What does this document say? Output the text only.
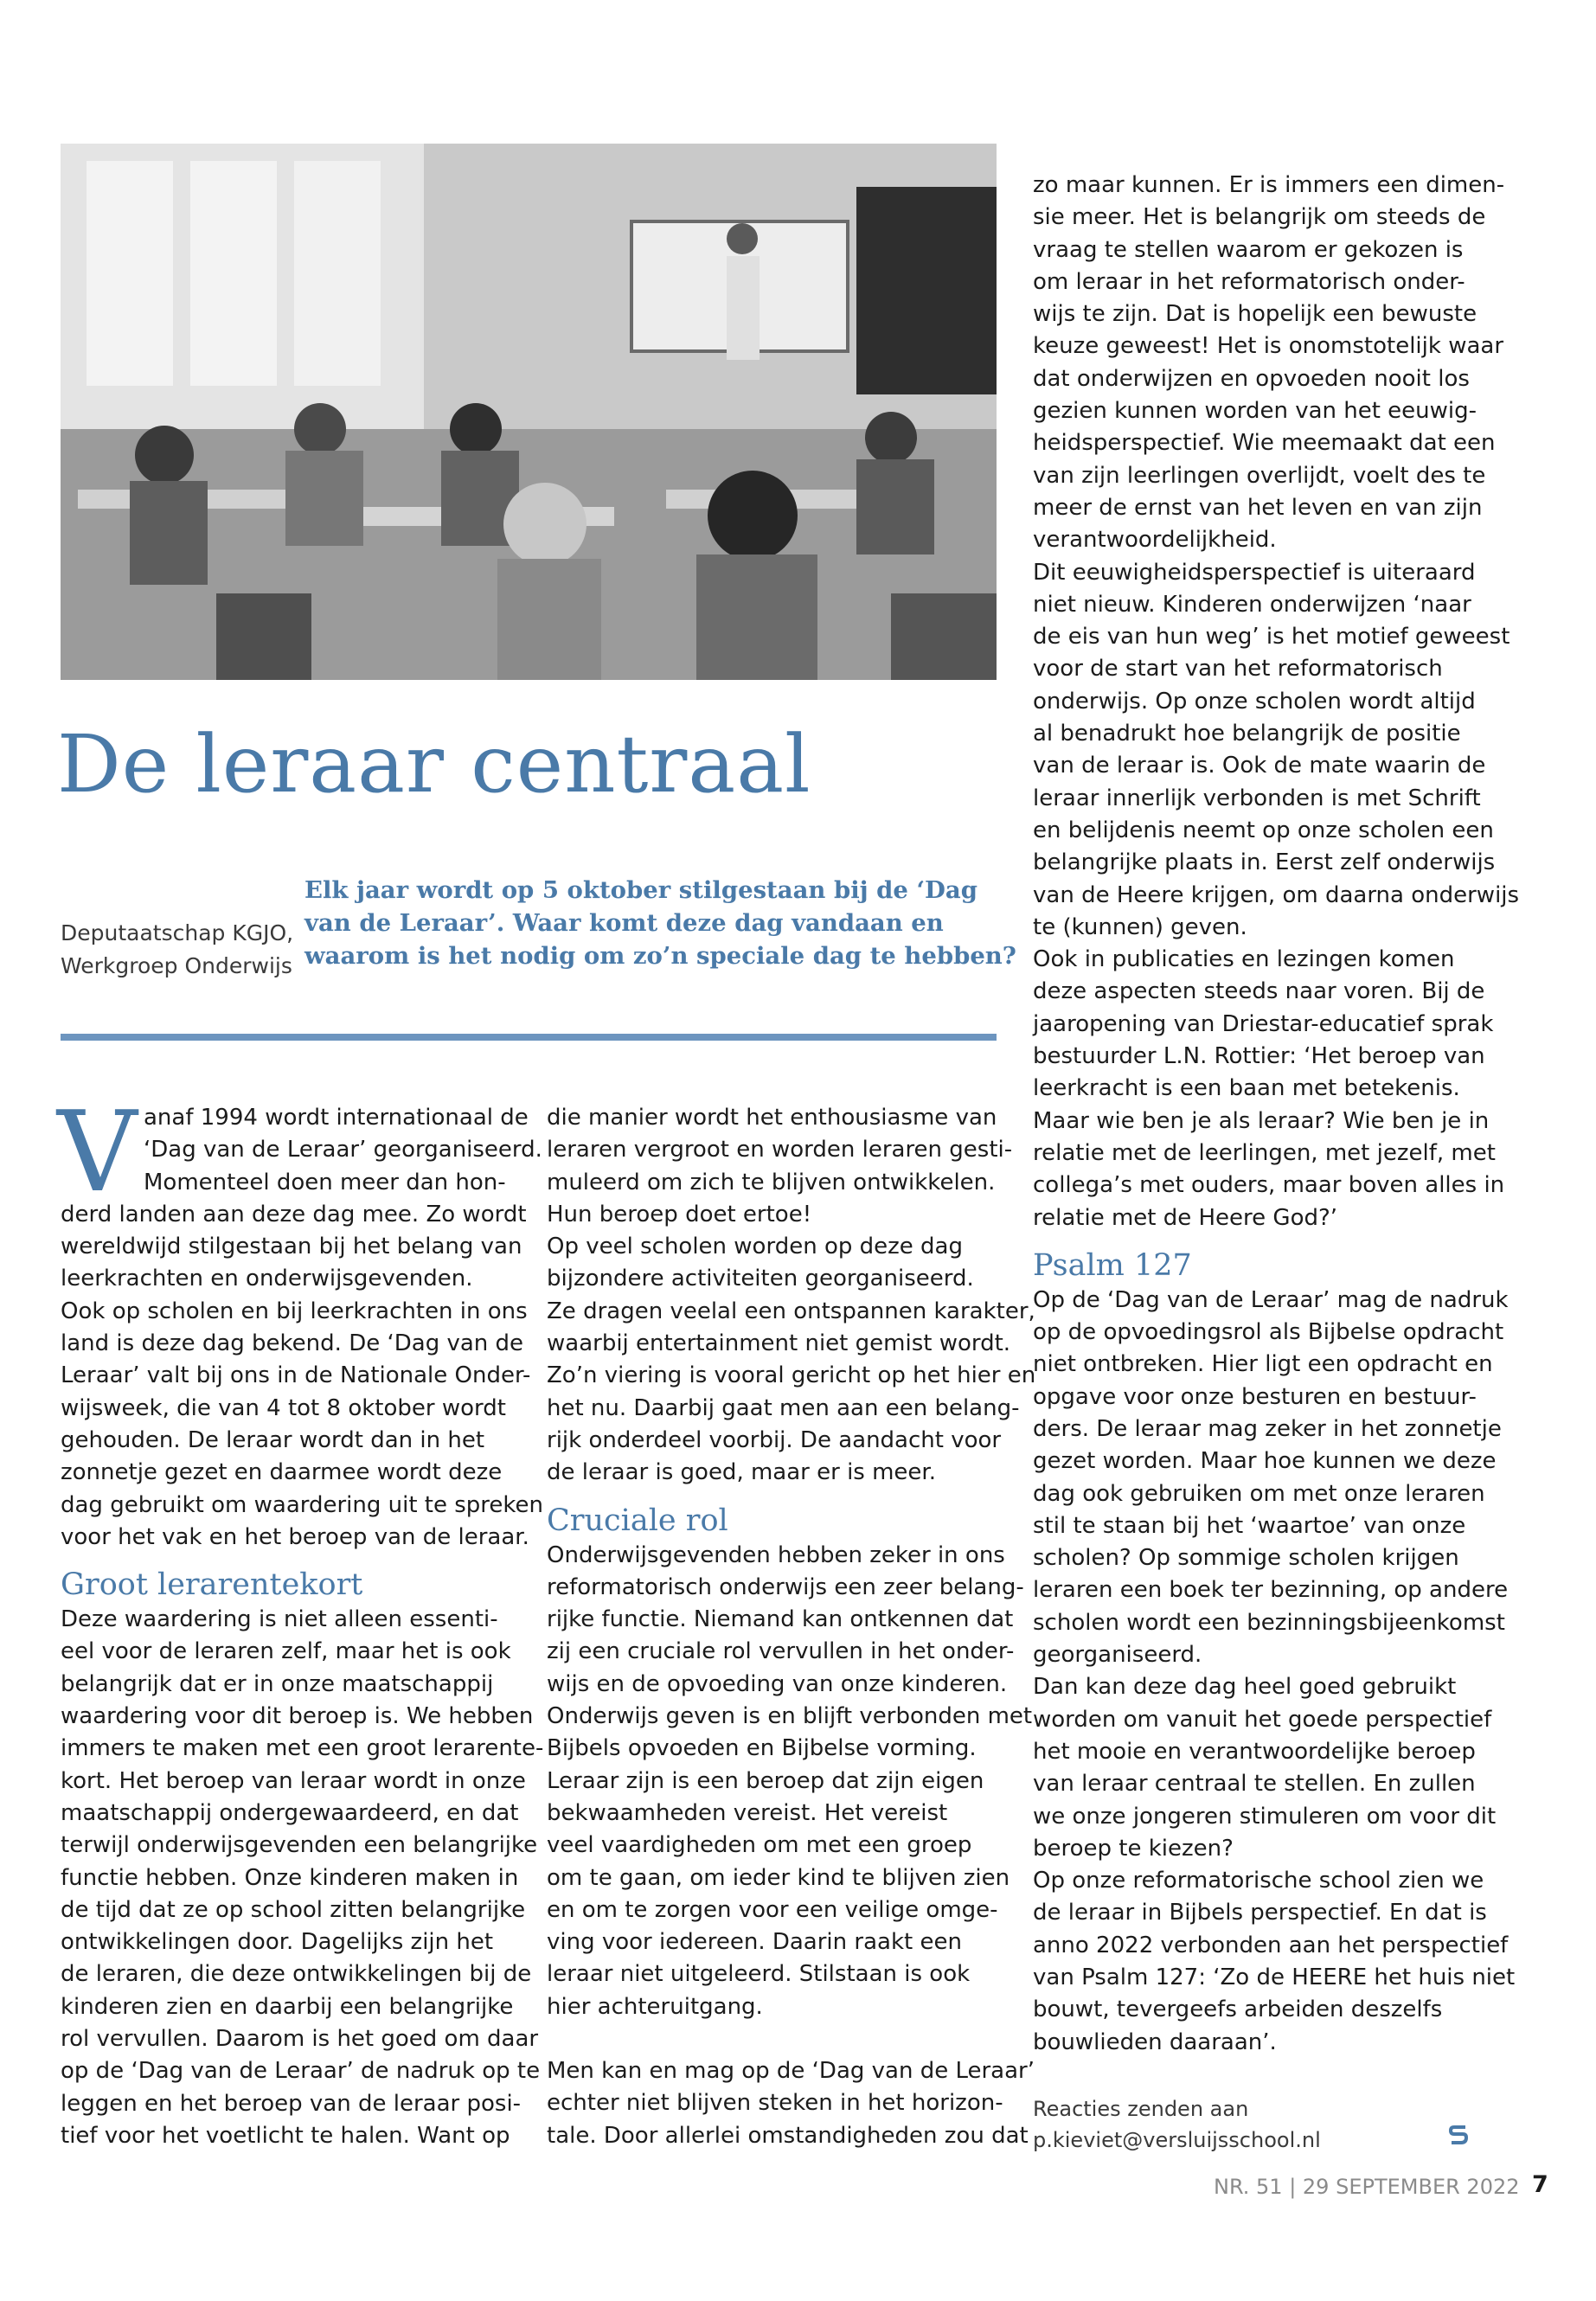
De leraar centraal
Deputaatschap KGJO,
Werkgroep Onderwijs
Elk jaar wordt op 5 oktober stilgestaan bij de ‘Dag
van de Leraar’. Waar komt deze dag vandaan en
waarom is het nodig om zo’n speciale dag te hebben?
V anaf 1994 wordt internationaal de
‘Dag van de Leraar’ georganiseerd.
Momenteel doen meer dan hon-
derd landen aan deze dag mee. Zo wordt
wereldwijd stilgestaan bij het belang van
leerkrachten en onderwijsgevenden.
Ook op scholen en bij leerkrachten in ons
land is deze dag bekend. De ‘Dag van de
Leraar’ valt bij ons in de Nationale Onder-
wijsweek, die van 4 tot 8 oktober wordt
gehouden. De leraar wordt dan in het
zonnetje gezet en daarmee wordt deze
dag gebruikt om waardering uit te spreken
voor het vak en het beroep van de leraar.
Groot lerarentekort
Deze waardering is niet alleen essenti-
eel voor de leraren zelf, maar het is ook
belangrijk dat er in onze maatschappij
waardering voor dit beroep is. We hebben
immers te maken met een groot lerarente-
kort. Het beroep van leraar wordt in onze
maatschappij ondergewaardeerd, en dat
terwijl onderwijsgevenden een belangrijke
functie hebben. Onze kinderen maken in
de tijd dat ze op school zitten belangrijke
ontwikkelingen door. Dagelijks zijn het
de leraren, die deze ontwikkelingen bij de
kinderen zien en daarbij een belangrijke
rol vervullen. Daarom is het goed om daar
op de ‘Dag van de Leraar’ de nadruk op te
leggen en het beroep van de leraar posi-
tief voor het voetlicht te halen. Want op
die manier wordt het enthousiasme van
leraren vergroot en worden leraren gesti-
muleerd om zich te blijven ontwikkelen.
Hun beroep doet ertoe!
Op veel scholen worden op deze dag
bijzondere activiteiten georganiseerd.
Ze dragen veelal een ontspannen karakter,
waarbij entertainment niet gemist wordt.
Zo’n viering is vooral gericht op het hier en
het nu. Daarbij gaat men aan een belang-
rijk onderdeel voorbij. De aandacht voor
de leraar is goed, maar er is meer.
Cruciale rol
Onderwijsgevenden hebben zeker in ons
reformatorisch onderwijs een zeer belang-
rijke functie. Niemand kan ontkennen dat
zij een cruciale rol vervullen in het onder-
wijs en de opvoeding van onze kinderen.
Onderwijs geven is en blijft verbonden met
Bijbels opvoeden en Bijbelse vorming.
Leraar zijn is een beroep dat zijn eigen
bekwaamheden vereist. Het vereist
veel vaardigheden om met een groep
om te gaan, om ieder kind te blijven zien
en om te zorgen voor een veilige omge-
ving voor iedereen. Daarin raakt een
leraar niet uitgeleerd. Stilstaan is ook
hier achteruitgang.
Men kan en mag op de ‘Dag van de Leraar’
echter niet blijven steken in het horizon-
tale. Door allerlei omstandigheden zou dat
zo maar kunnen. Er is immers een dimen-
sie meer. Het is belangrijk om steeds de
vraag te stellen waarom er gekozen is
om leraar in het reformatorisch onder-
wijs te zijn. Dat is hopelijk een bewuste
keuze geweest! Het is onomstotelijk waar
dat onderwijzen en opvoeden nooit los
gezien kunnen worden van het eeuwig-
heidsperspectief. Wie meemaakt dat een
van zijn leerlingen overlijdt, voelt des te
meer de ernst van het leven en van zijn
verantwoordelijkheid.
Dit eeuwigheidsperspectief is uiteraard
niet nieuw. Kinderen onderwijzen ‘naar
de eis van hun weg’ is het motief geweest
voor de start van het reformatorisch
onderwijs. Op onze scholen wordt altijd
al benadrukt hoe belangrijk de positie
van de leraar is. Ook de mate waarin de
leraar innerlijk verbonden is met Schrift
en belijdenis neemt op onze scholen een
belangrijke plaats in. Eerst zelf onderwijs
van de Heere krijgen, om daarna onderwijs
te (kunnen) geven.
Ook in publicaties en lezingen komen
deze aspecten steeds naar voren. Bij de
jaaropening van Driestar-educatief sprak
bestuurder L.N. Rottier: ‘Het beroep van
leerkracht is een baan met betekenis.
Maar wie ben je als leraar? Wie ben je in
relatie met de leerlingen, met jezelf, met
collega’s met ouders, maar boven alles in
relatie met de Heere God?’
Psalm 127
Op de ‘Dag van de Leraar’ mag de nadruk
op de opvoedingsrol als Bijbelse opdracht
niet ontbreken. Hier ligt een opdracht en
opgave voor onze besturen en bestuur-
ders. De leraar mag zeker in het zonnetje
gezet worden. Maar hoe kunnen we deze
dag ook gebruiken om met onze leraren
stil te staan bij het ‘waartoe’ van onze
scholen? Op sommige scholen krijgen
leraren een boek ter bezinning, op andere
scholen wordt een bezinningsbijeenkomst
georganiseerd.
Dan kan deze dag heel goed gebruikt
worden om vanuit het goede perspectief
het mooie en verantwoordelijke beroep
van leraar centraal te stellen. En zullen
we onze jongeren stimuleren om voor dit
beroep te kiezen?
Op onze reformatorische school zien we
de leraar in Bijbels perspectief. En dat is
anno 2022 verbonden aan het perspectief
van Psalm 127: ‘Zo de HEERE het huis niet
bouwt, tevergeefs arbeiden deszelfs
bouwlieden daaraan’.
Reacties zenden aan
p.kieviet@versluijsschool.nl
NR. 51 | 29 SEPTEMBER 2022 7
